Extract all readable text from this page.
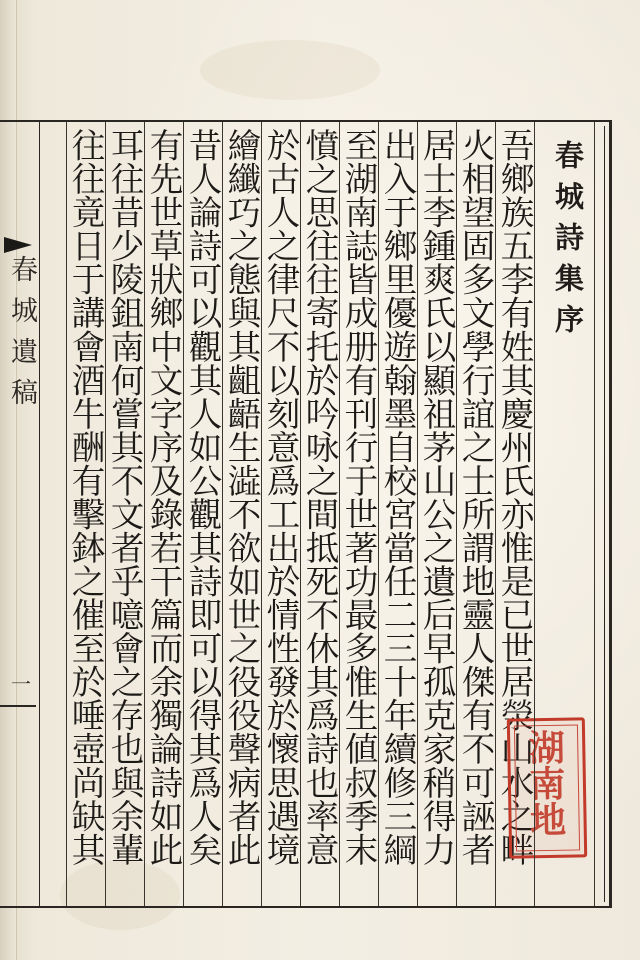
春城遺稿
一
春城詩集序
吾鄉族五李有姓其慶州氏亦惟是已世居滎山水之畔
火相望固多文學行誼之士所謂地靈人傑有不可誣者
居士李鍾爽氏以顯祖茅山公之遺后早孤克家稍得力
出入于鄉里優遊翰墨自校宮當任二三十年續修三綱
至湖南誌皆成册有刊行于世著功最多惟生値叔季末
憤之思往往寄托於吟咏之間抵死不休其爲詩也率意
於古人之律尺不以刻意爲工出於情性發於懷思遇境
繪纖巧之態與其齟齬生澁不欲如世之役役聲病者此
昔人論詩可以觀其人如公觀其詩即可以得其爲人矣
有先世草狀鄉中文字序及錄若干篇而余獨論詩如此
耳往昔少陵鉏南何嘗其不文者乎噫會之存也與余輩
往往竟日于講會酒牛酬有擊鉢之催至於唾壺尚缺其
湖南地
